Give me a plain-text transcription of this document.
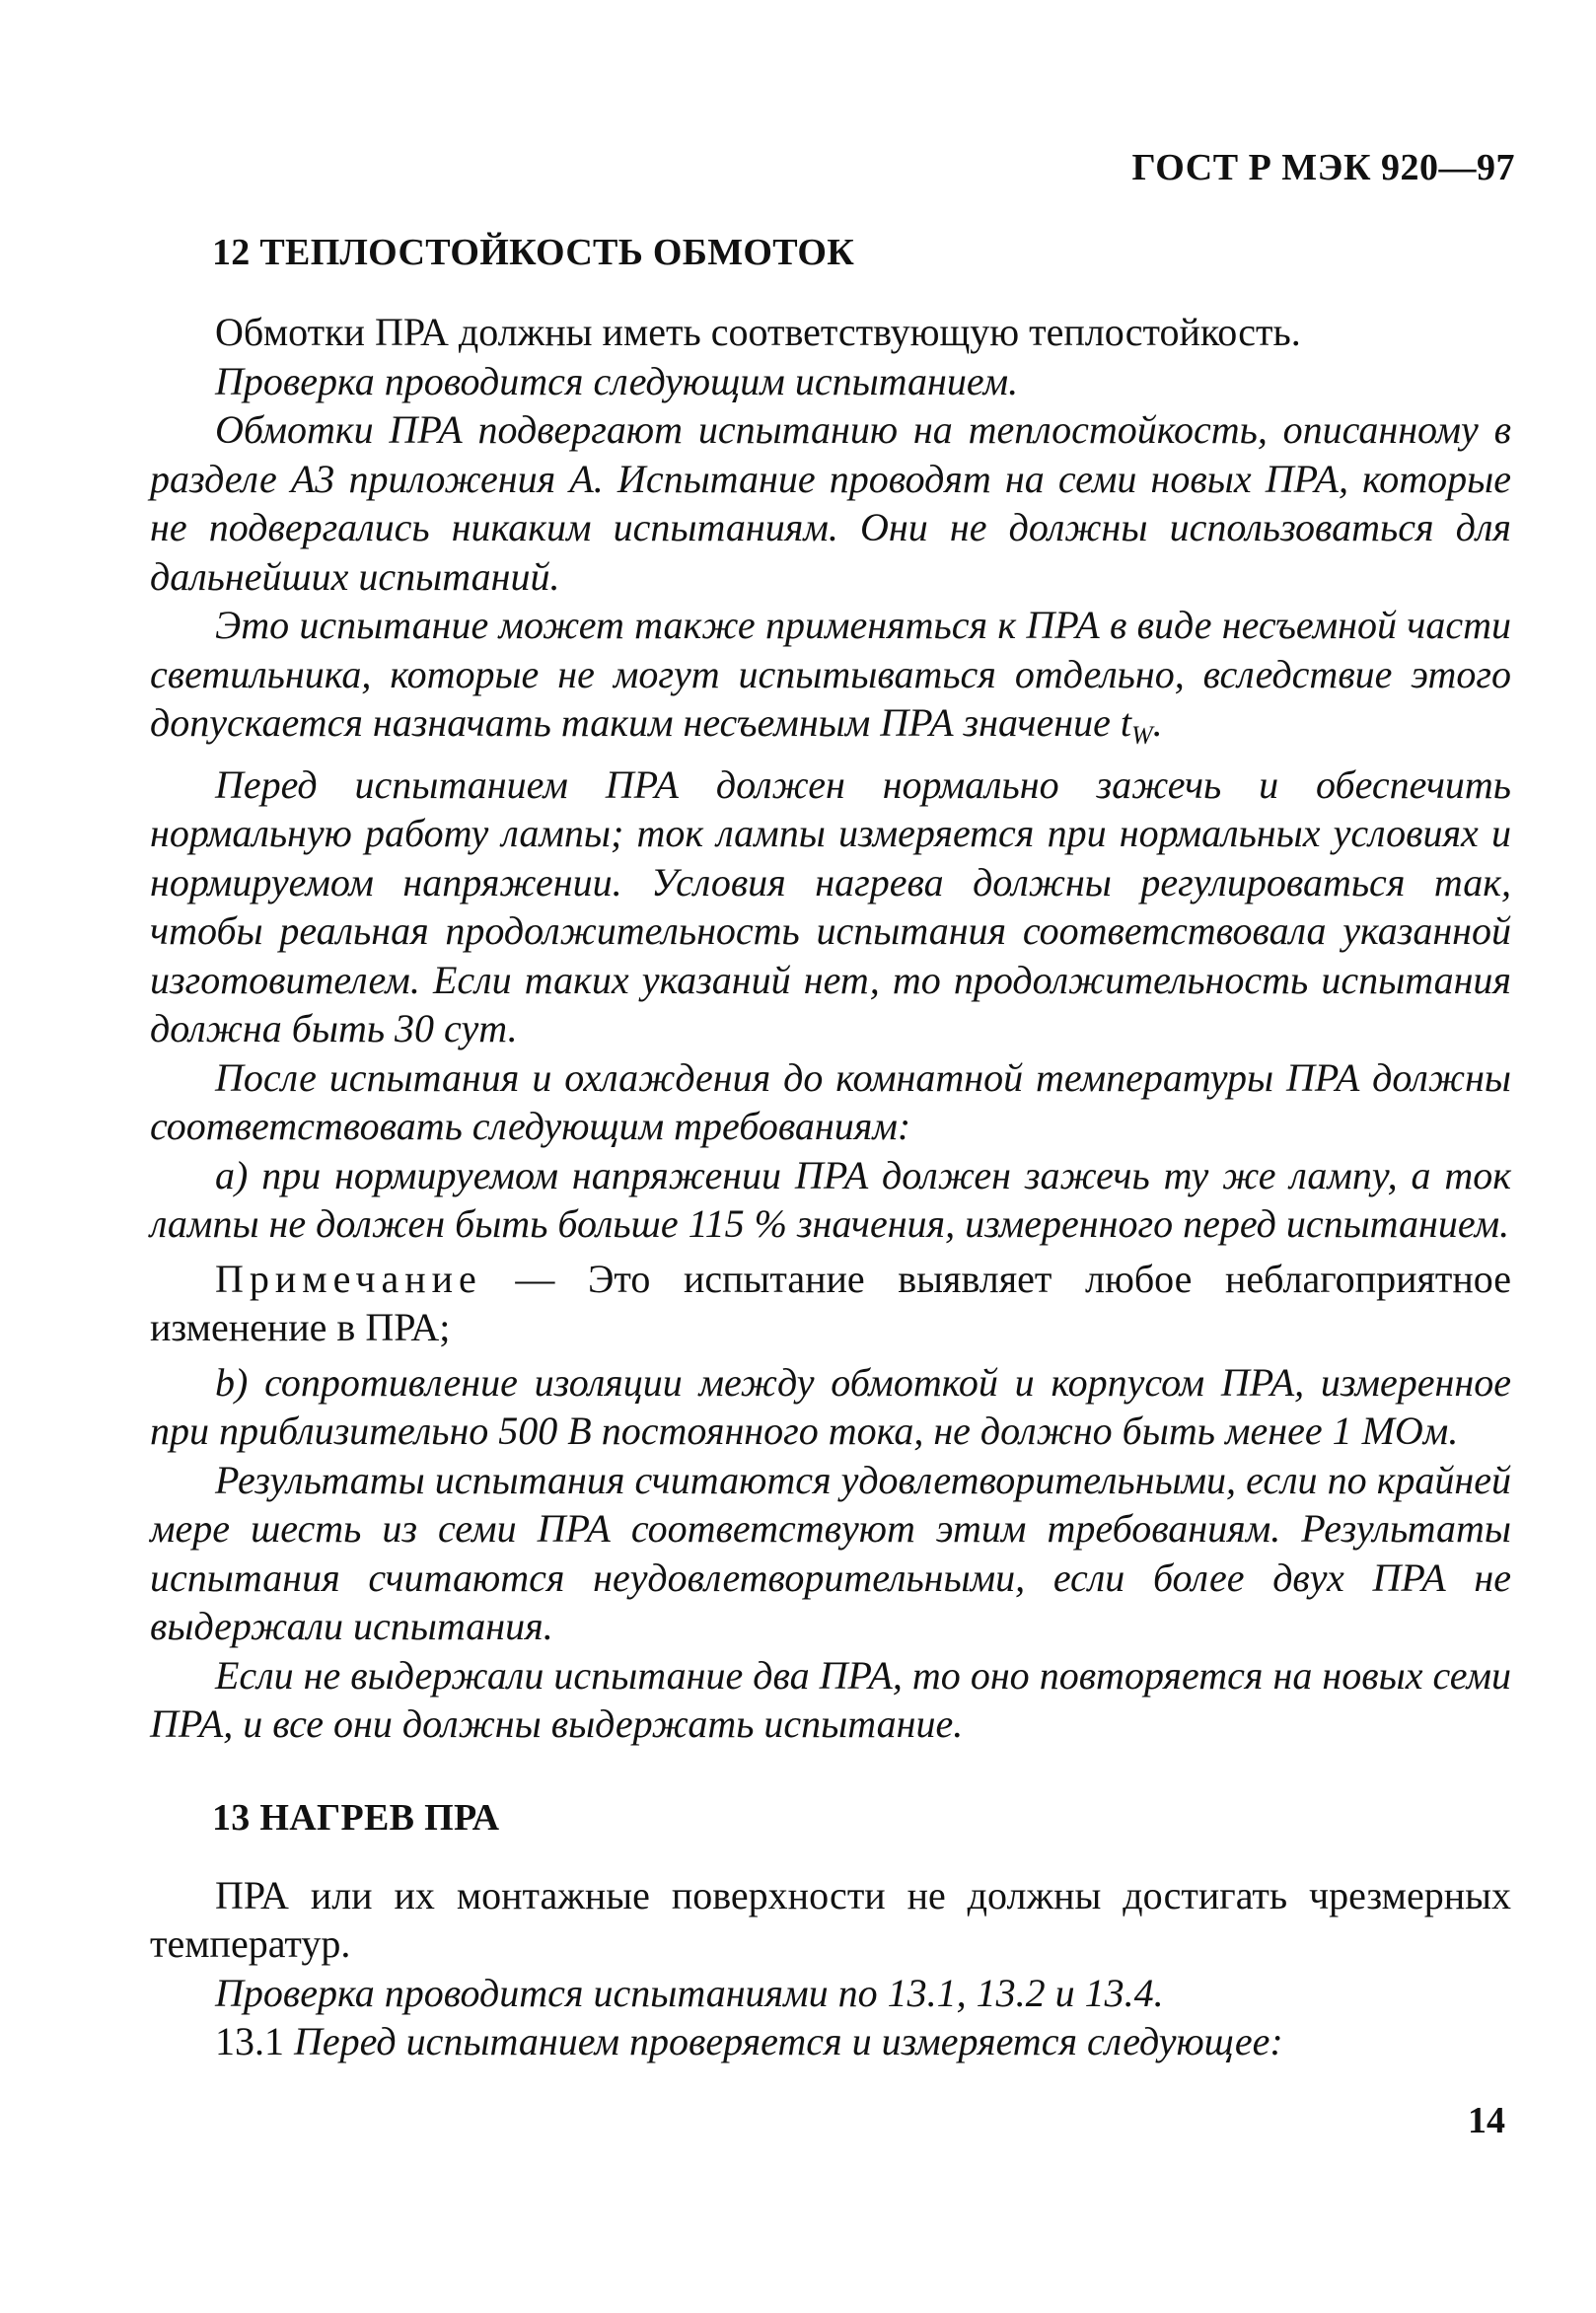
ГОСТ Р МЭК 920—97

12 ТЕПЛОСТОЙКОСТЬ ОБМОТОК

Обмотки ПРА должны иметь соответствующую теплостойкость.

Проверка проводится следующим испытанием.

Обмотки ПРА подвергают испытанию на теплостойкость, описанному в разделе А3 приложения А. Испытание проводят на семи новых ПРА, которые не подвергались никаким испытаниям. Они не должны использоваться для дальнейших испытаний.

Это испытание может также применяться к ПРА в виде несъемной части светильника, которые не могут испытываться отдельно, вследствие этого допускается назначать таким несъемным ПРА значение $t_W$.

Перед испытанием ПРА должен нормально зажечь и обеспечить нормальную работу лампы; ток лампы измеряется при нормальных условиях и нормируемом напряжении. Условия нагрева должны регулироваться так, чтобы реальная продолжительность испытания соответствовала указанной изготовителем. Если таких указаний нет, то продолжительность испытания должна быть 30 сут.

После испытания и охлаждения до комнатной температуры ПРА должны соответствовать следующим требованиям:

а) при нормируемом напряжении ПРА должен зажечь ту же лампу, а ток лампы не должен быть больше 115 % значения, измеренного перед испытанием.

Примечание — Это испытание выявляет любое неблагоприятное изменение в ПРА;

b) сопротивление изоляции между обмоткой и корпусом ПРА, измеренное при приблизительно 500 В постоянного тока, не должно быть менее 1 МОм.

Результаты испытания считаются удовлетворительными, если по крайней мере шесть из семи ПРА соответствуют этим требованиям. Результаты испытания считаются неудовлетворительными, если более двух ПРА не выдержали испытания.

Если не выдержали испытание два ПРА, то оно повторяется на новых семи ПРА, и все они должны выдержать испытание.

13 НАГРЕВ ПРА

ПРА или их монтажные поверхности не должны достигать чрезмерных температур.

Проверка проводится испытаниями по 13.1, 13.2 и 13.4.

13.1 Перед испытанием проверяется и измеряется следующее:

14
